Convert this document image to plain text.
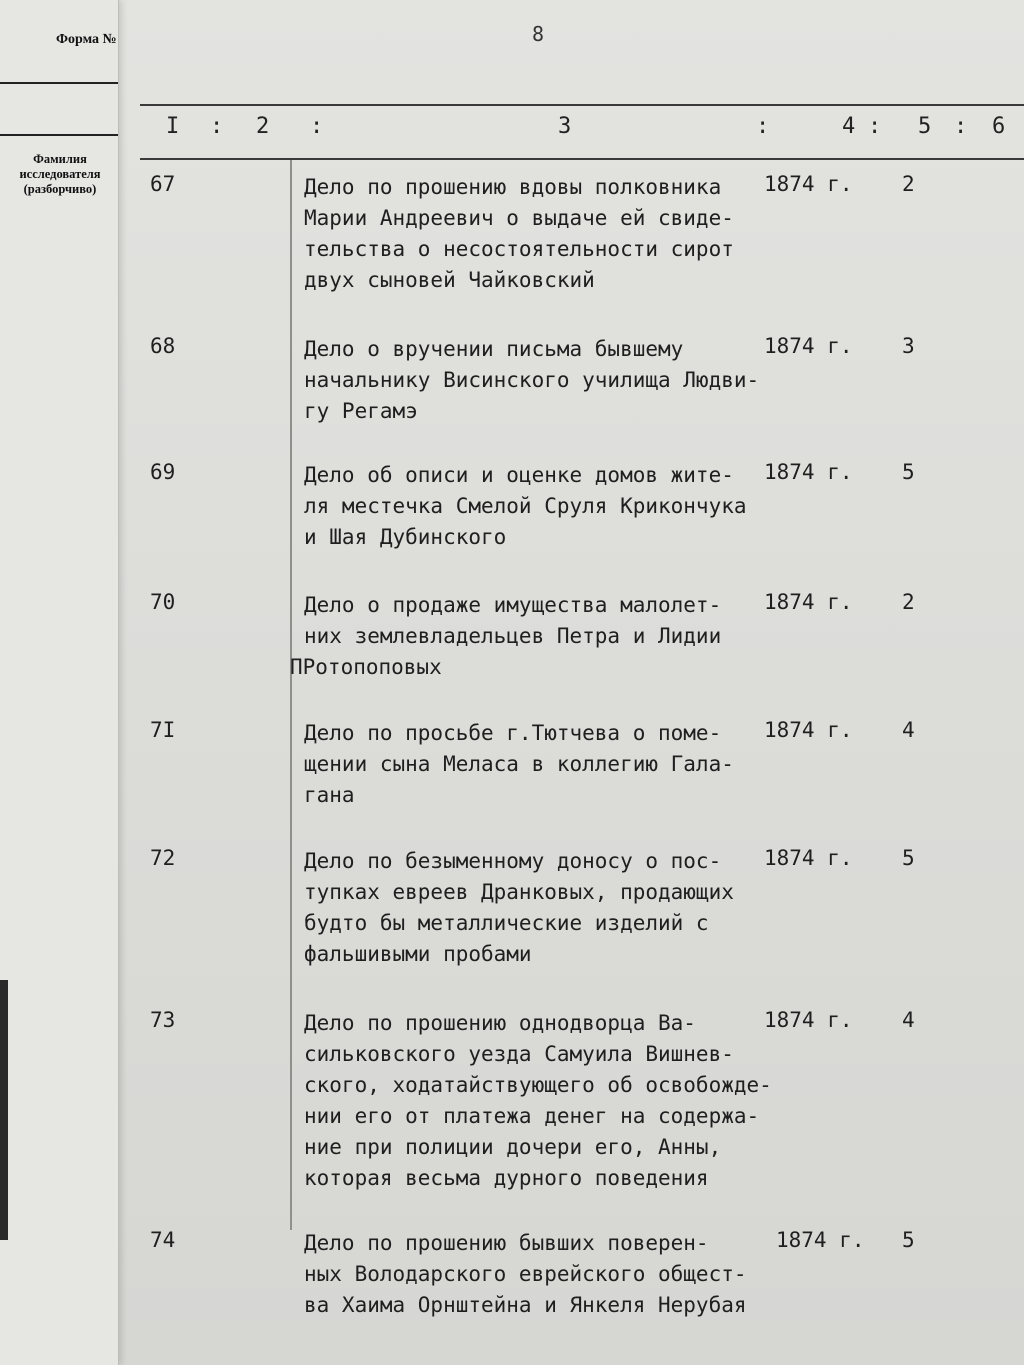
Форма №
Фамилия
исследователя
(разборчиво)
8
I : 2 :	3	:	4 : 5 : 6
67	Дело по прошению вдовы полковника
Марии Андреевич о выдаче ей свиде-
тельства о несостоятельности сирот
двух сыновей Чайковский
1874 г. 2
68	Дело о вручении письма бывшему
начальнику Висинского училища Людви-
гу Регамэ
1874 г. 3
69	Дело об описи и оценке домов жите-
ля местечка Смелой Сруля Крикончука
и Шая Дубинского
1874 г. 5
70	Дело о продаже имущества малолет-
них землевладельцев Петра и Лидии
ПРотопоповых
1874 г. 2
7I	Дело по просьбе г.Тютчева о поме-
щении сына Меласа в коллегию Гала-
гана
1874 г. 4
72	Дело по безыменному доносу о пос-
тупках евреев Дранковых, продающих
будто бы металлические изделий с
фальшивыми пробами
1874 г. 5
73	Дело по прошению однодворца Ва-
сильковского уезда Самуила Вишнев-
ского, ходатайствующего об освобожде-
нии его от платежа денег на содержа-
ние при полиции дочери его, Анны,
которая весьма дурного поведения
1874 г. 4
74	Дело по прошению бывших поверен-
ных Володарского еврейского общест-
ва Хаима Орнштейна и Янкеля Нерубая
1874 г. 5
